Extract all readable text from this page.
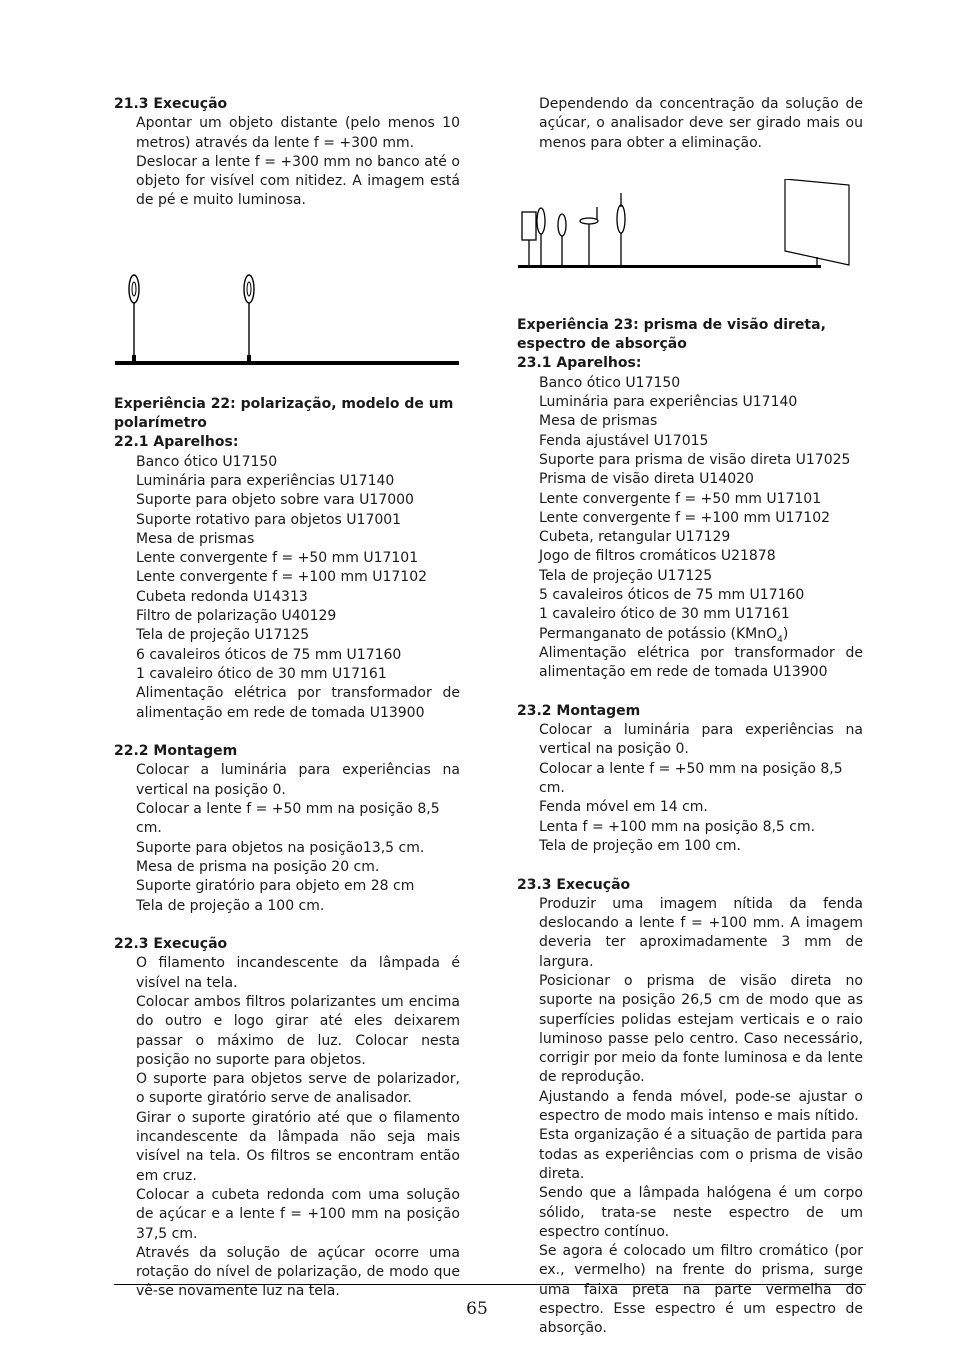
21.3 Execução

Apontar um objeto distante (pelo menos 10 metros) através da lente f = +300 mm.

Deslocar a lente f = +300 mm no banco até o objeto for visível com nitidez. A imagem está de pé e muito luminosa.

Experiência 22: polarização, modelo de um polarímetro
22.1 Aparelhos:

Banco ótico U17150

Luminária para experiências U17140

Suporte para objeto sobre vara U17000

Suporte rotativo para objetos U17001

Mesa de prismas

Lente convergente f = +50 mm U17101

Lente convergente f = +100 mm U17102

Cubeta redonda U14313

Filtro de polarização U40129

Tela de projeção U17125

6 cavaleiros óticos de 75 mm U17160

1 cavaleiro ótico de 30 mm U17161

Alimentação elétrica por transformador de alimentação em rede de tomada U13900

22.2 Montagem

Colocar a luminária para experiências na vertical na posição 0.

Colocar a lente f = +50 mm na posição 8,5 cm.

Suporte para objetos na posição13,5 cm.

Mesa de prisma na posição 20 cm.

Suporte giratório para objeto em 28 cm

Tela de projeção a 100 cm.

22.3 Execução

O filamento incandescente da lâmpada é visível na tela.

Colocar ambos filtros polarizantes um encima do outro e logo girar até eles deixarem passar o máximo de luz. Colocar nesta posição no suporte para objetos.

O suporte para objetos serve de polarizador, o suporte giratório serve de analisador.

Girar o suporte giratório até que o filamento incandescente da lâmpada não seja mais visível na tela. Os filtros se encontram então em cruz.

Colocar a cubeta redonda com uma solução de açúcar e a lente f = +100 mm na posição 37,5 cm.

Através da solução de açúcar ocorre uma rotação do nível de polarização, de modo que vê-se novamente luz na tela.

Dependendo da concentração da solução de açúcar, o analisador deve ser girado mais ou menos para obter a eliminação.

Experiência 23: prisma de visão direta, espectro de absorção
23.1 Aparelhos:

Banco ótico U17150

Luminária para experiências U17140

Mesa de prismas

Fenda ajustável U17015

Suporte para prisma de visão direta U17025

Prisma de visão direta U14020

Lente convergente f = +50 mm U17101

Lente convergente f = +100 mm U17102

Cubeta, retangular U17129

Jogo de filtros cromáticos U21878

Tela de projeção U17125

5 cavaleiros óticos de 75 mm U17160

1 cavaleiro ótico de 30 mm U17161

Permanganato de potássio (KMnO$_4$)

Alimentação elétrica por transformador de alimentação em rede de tomada U13900

23.2 Montagem

Colocar a luminária para experiências na vertical na posição 0.

Colocar a lente f = +50 mm na posição 8,5 cm.

Fenda móvel em 14 cm.

Lenta f = +100 mm na posição 8,5 cm.

Tela de projeção em 100 cm.

23.3 Execução

Produzir uma imagem nítida da fenda deslocando a lente f = +100 mm. A imagem deveria ter aproximadamente 3 mm de largura.

Posicionar o prisma de visão direta no suporte na posição 26,5 cm de modo que as superfícies polidas estejam verticais e o raio luminoso passe pelo centro. Caso necessário, corrigir por meio da fonte luminosa e da lente de reprodução.

Ajustando a fenda móvel, pode-se ajustar o espectro de modo mais intenso e mais nítido.

Esta organização é a situação de partida para todas as experiências com o prisma de visão direta.

Sendo que a lâmpada halógena é um corpo sólido, trata-se neste espectro de um espectro contínuo.

Se agora é colocado um filtro cromático (por ex., vermelho) na frente do prisma, surge uma faixa preta na parte vermelha do espectro. Esse espectro é um espectro de absorção.

65
